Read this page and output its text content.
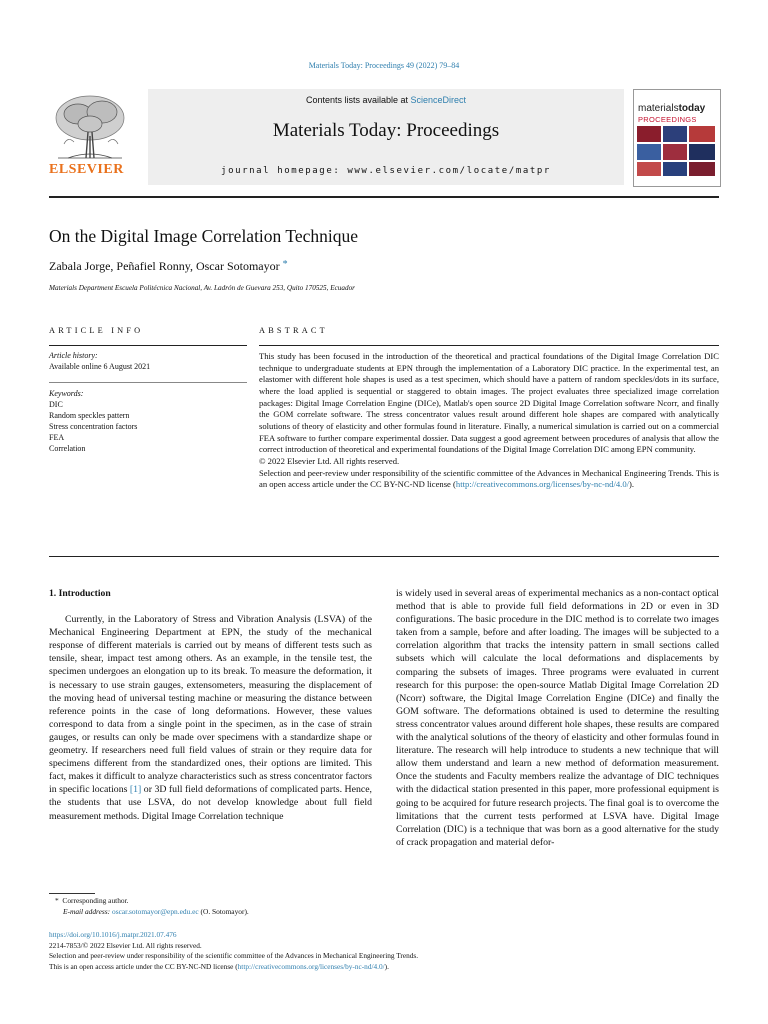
Materials Today: Proceedings 49 (2022) 79–84
ELSEVIER
Contents lists available at ScienceDirect
Materials Today: Proceedings
journal homepage: www.elsevier.com/locate/matpr
materialstoday
PROCEEDINGS
On the Digital Image Correlation Technique
Zabala Jorge, Peñafiel Ronny, Oscar Sotomayor *
Materials Department Escuela Politécnica Nacional, Av. Ladrón de Guevara 253, Quito 170525, Ecuador
ARTICLE INFO	ABSTRACT
Article history:
Available online 6 August 2021
Keywords:
DIC
Random speckles pattern
Stress concentration factors
FEA
Correlation

This study has been focused in the introduction of the theoretical and practical foundations of the Digital Image Correlation DIC technique to undergraduate students at EPN through the implementation of a Laboratory DIC practice. In the experimental test, an elastomer with different hole shapes is used as a test specimen, which should have a pattern of random speckles/dots in its surface, where the load applied is sequential or staggered to obtain images. The project evaluates three specialized image correlation packages: Digital Image Correlation Engine (DICe), Matlab's open source 2D Digital Image Correlation software Ncorr, and finally the GOM correlate software. The stress concentrator values result around different hole shapes are compared with analytically solutions of theory of elasticity and other formulas found in literature. Finally, a numerical simulation is carried out on a commercial FEA software to further compare experimental dossier. Data suggest a good agreement between procedures of analysis that allow the correct introduction of theoretical and experimental foundations of the Digital Image Correlation DIC among EPN community.

© 2022 Elsevier Ltd. All rights reserved.

Selection and peer-review under responsibility of the scientific committee of the Advances in Mechanical Engineering Trends. This is an open access article under the CC BY-NC-ND license (http://creativecommons.org/licenses/by-nc-nd/4.0/).

1. Introduction

Currently, in the Laboratory of Stress and Vibration Analysis (LSVA) of the Mechanical Engineering Department at EPN, the study of the mechanical response of different materials is carried out by means of different tests such as tensile, shear, impact test among others. As an example, in the tensile test, the specimen undergoes an elongation up to its break. To measure the deformation, it is necessary to use strain gauges, extensometers, measuring the displacement of the moving head of universal testing machine or measuring the distance between reference points in the case of long deformations. However, these values correspond to data from a single point in the specimen, as in the case of strain gauges, or results can only be made over specimens with a standardize shape or geometry. If researchers need full field values of strain or they require data for specimens different from the standardized ones, their options are limited. This fact, makes it difficult to analyze characteristics such as stress concentrator factors in specific locations [1] or 3D full field deformations of complicated parts. Hence, the students that use LSVA, do not develop knowledge about full field measurement methods. Digital Image Correlation technique

* Corresponding author.
E-mail address: oscar.sotomayor@epn.edu.ec (O. Sotomayor).

is widely used in several areas of experimental mechanics as a non-contact optical method that is able to provide full field deformations in 2D or even in 3D configurations. The basic procedure in the DIC method is to correlate two images taken from a sample, before and after loading. The images will be subjected to a correlation algorithm that tracks the intensity pattern in small sections called subsets which will calculate the local deformations and displacements by comparing the subsets of images. Three programs were evaluated in current research for this purpose: the open-source Matlab Digital Image Correlation 2D (Ncorr) software, the Digital Image Correlation Engine (DICe) and finally the GOM software. The deformations obtained is used to determine the resulting stress concentrator values around different hole shapes, these results are compared with the analytical solutions of the theory of elasticity and other formulas found in literature. The research will help introduce to students a new technique that will allow them understand and learn a new method of deformation measurement. Once the students and Faculty members realize the advantage of DIC techniques with the didactical station presented in this paper, more professional equipment is going to be acquired for future research projects. The final goal is to overcome the limitations that the current tests performed at LSVA have. Digital Image Correlation (DIC) is a technique that was born as a good alternative for the study of crack propagation and material defor-

https://doi.org/10.1016/j.matpr.2021.07.476
2214-7853/© 2022 Elsevier Ltd. All rights reserved.
Selection and peer-review under responsibility of the scientific committee of the Advances in Mechanical Engineering Trends.
This is an open access article under the CC BY-NC-ND license (http://creativecommons.org/licenses/by-nc-nd/4.0/).
